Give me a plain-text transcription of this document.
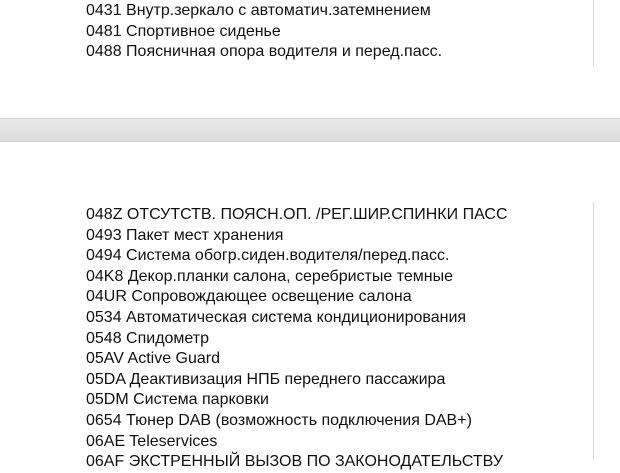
0431 Внутр.зеркало с автоматич.затемнением
0481 Спортивное сиденье
0488 Поясничная опора водителя и перед.пасс.
048Z ОТСУТСТВ. ПОЯСН.ОП. /РЕГ.ШИР.СПИНКИ ПАСС
0493 Пакет мест хранения
0494 Система обогр.сиден.водителя/перед.пасс.
04K8 Декор.планки салона, серебристые темные
04UR Сопровождающее освещение салона
0534 Автоматическая система кондиционирования
0548 Спидометр
05AV Active Guard
05DA Деактивизация НПБ переднего пассажира
05DM Система парковки
0654 Тюнер DAB (возможность подключения DAB+)
06AE Teleservices
06AF ЭКСТРЕННЫЙ ВЫЗОВ ПО ЗАКОНОДАТЕЛЬСТВУ
